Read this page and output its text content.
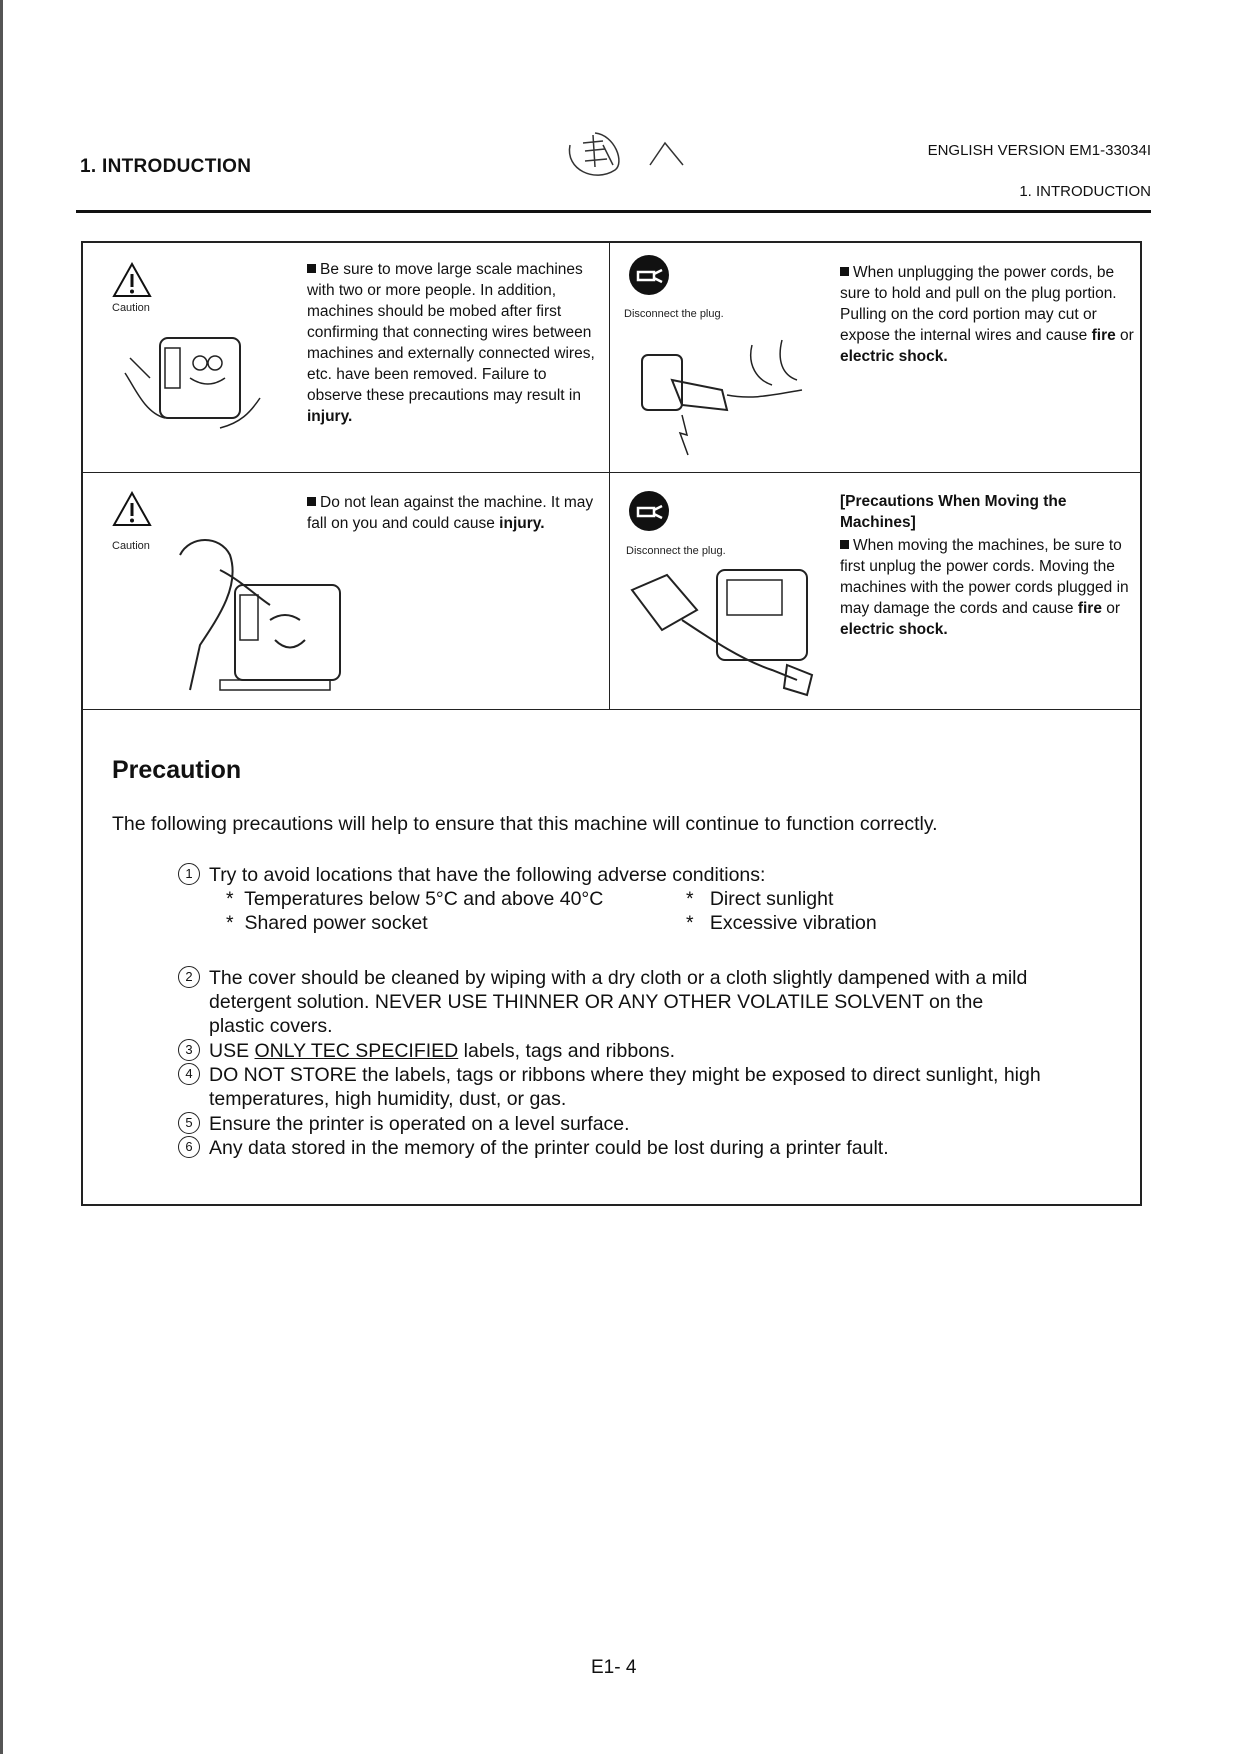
1. INTRODUCTION
ENGLISH VERSION EM1-33034I
1. INTRODUCTION
Caution
Be sure to move large scale machines with two or more people. In addition, machines should be mobed after first confirming that connecting wires between machines and externally connected wires, etc. have been removed. Failure to observe these precautions may result in injury.
Disconnect the plug.
When unplugging the power cords, be sure to hold and pull on the plug portion. Pulling on the cord portion may cut or expose the internal wires and cause fire or electric shock.
Caution
Do not lean against the machine. It may fall on you and could cause injury.
Disconnect the plug.
[Precautions When Moving the Machines]
When moving the machines, be sure to first unplug the power cords. Moving the machines with the power cords plugged in may damage the cords and cause fire or electric shock.
Precaution
The following precautions will help to ensure that this machine will continue to function correctly.
1 Try to avoid locations that have the following adverse conditions:
*  Temperatures below 5°C and above 40°C	*   Direct sunlight
*  Shared power socket	*   Excessive vibration
2 The cover should be cleaned by wiping with a dry cloth or a cloth slightly dampened with a mild
detergent solution. NEVER USE THINNER OR ANY OTHER VOLATILE SOLVENT on the
plastic covers.
3 USE ONLY TEC SPECIFIED labels, tags and ribbons.
4 DO NOT STORE the labels, tags or ribbons where they might be exposed to direct sunlight, high
temperatures, high humidity, dust, or gas.
5 Ensure the printer is operated on a level surface.
6 Any data stored in the memory of the printer could be lost during a printer fault.
E1- 4
